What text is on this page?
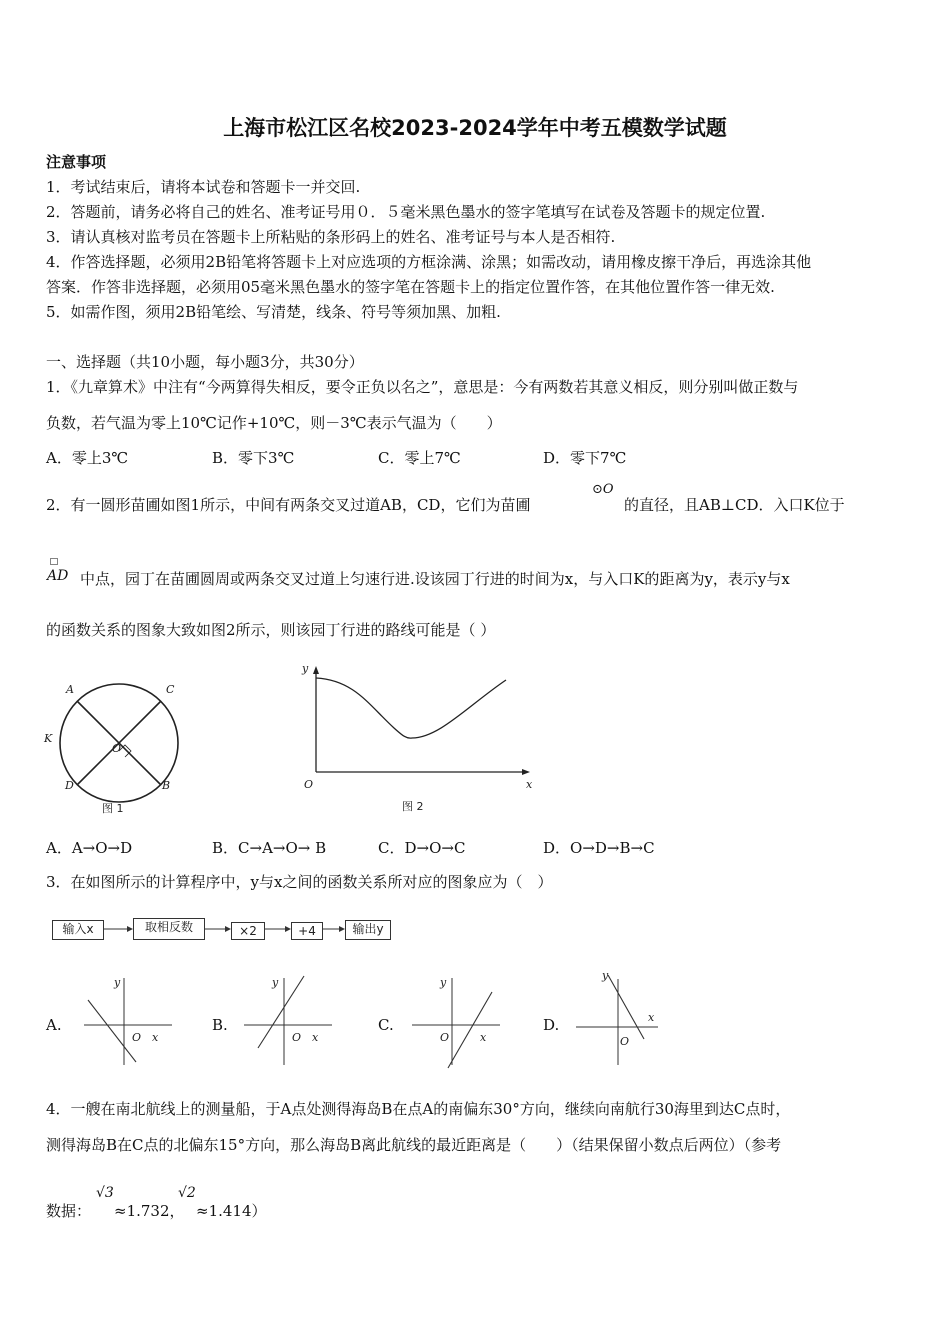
上海市松江区名校2023-2024学年中考五模数学试题
注意事项
1．考试结束后，请将本试卷和答题卡一并交回.
2．答题前，请务必将自己的姓名、准考证号用０．５毫米黑色墨水的签字笔填写在试卷及答题卡的规定位置.
3．请认真核对监考员在答题卡上所粘贴的条形码上的姓名、准考证号与本人是否相符.
4．作答选择题，必须用2B铅笔将答题卡上对应选项的方框涂满、涂黑；如需改动，请用橡皮擦干净后，再选涂其他
答案．作答非选择题，必须用05毫米黑色墨水的签字笔在答题卡上的指定位置作答，在其他位置作答一律无效.
5．如需作图，须用2B铅笔绘、写清楚，线条、符号等须加黑、加粗.
一、选择题（共10小题，每小题3分，共30分）
1．《九章算术》中注有“今两算得失相反，要令正负以名之”，意思是：今有两数若其意义相反，则分别叫做正数与
负数，若气温为零上10℃记作+10℃，则－3℃表示气温为（　　）
A．零上3℃	B．零下3℃	C．零上7℃	D．零下7℃
2．有一圆形苗圃如图1所示，中间有两条交叉过道AB，CD，它们为苗圃
⊙O
的直径，且AB⊥CD．入口K位于
AD 中点，园丁在苗圃圆周或两条交叉过道上匀速行进.设该园丁行进的时间为x，与入口K的距离为y，表示y与x
的函数关系的图象大致如图2所示，则该园丁行进的路线可能是（ ）
A	C
K
O
D	B
图 1
y
O	x
图 2
A．A→O→D	B．C→A→O→ B	C．D→O→C	D．O→D→B→C
3．在如图所示的计算程序中，y与x之间的函数关系所对应的图象应为（　）
输入x	取相反数	×2	+4	输出y
A.
y
O x
B.
y
O x
C.
y
O	x
D.
y
O
x
4．一艘在南北航线上的测量船，于A点处测得海岛B在点A的南偏东30°方向，继续向南航行30海里到达C点时，
测得海岛B在C点的北偏东15°方向，那么海岛B离此航线的最近距离是（　　）（结果保留小数点后两位）（参考
数据：
√3
≈1.732，
√2
≈1.414）
